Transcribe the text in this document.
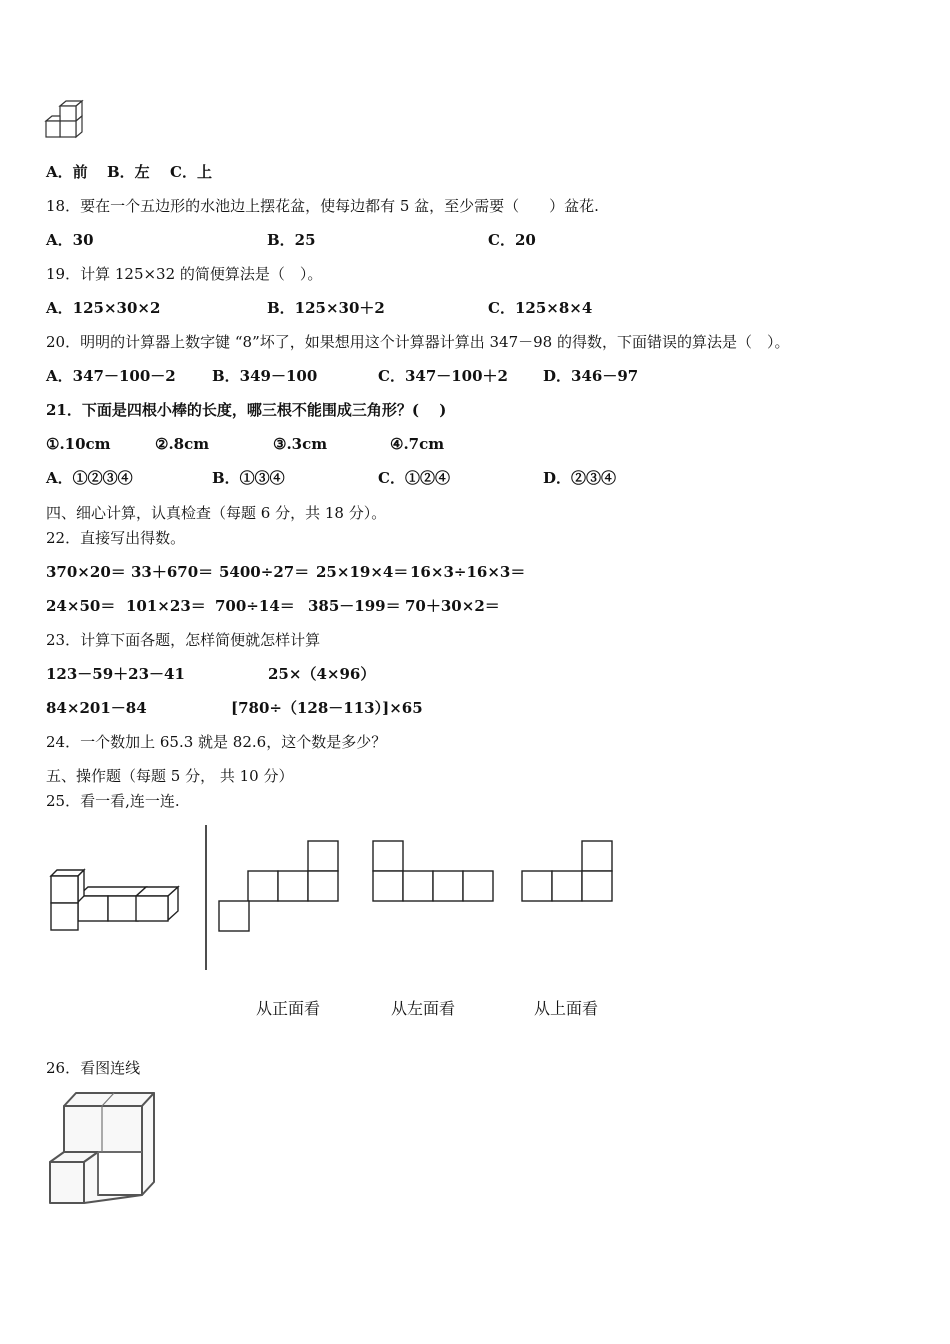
A．前 B．左 C．上
18．要在一个五边形的水池边上摆花盆，使每边都有 5 盆，至少需要（　　）盆花.
A．30	B．25	C．20
19．计算 125×32 的简便算法是（　）。
A．125×30×2	B．125×30＋2	C．125×8×4
20．明明的计算器上数字键 “8”坏了，如果想用这个计算器计算出 347－98 的得数，下面错误的算法是（　）。
A．347－100－2 B．349－100	C．347－100＋2 D．346－97
21．下面是四根小棒的长度，哪三根不能围成三角形？(　 )
①.10cm	②.8cm	③.3cm	④.7cm
A．①②③④	B．①③④	C．①②④	D．②③④
四、细心计算，认真检查（每题 6 分，共 18 分）。
22．直接写出得数。
370×20＝ 33＋670＝ 5400÷27＝ 25×19×4＝ 16×3÷16×3＝
24×50＝ 101×23＝ 700÷14＝ 385－199＝ 70＋30×2＝
23．计算下面各题，怎样简便就怎样计算
123－59＋23－41	25×（4×96）
84×201－84	[780÷（128－113）]×65
24．一个数加上 65.3 就是 82.6，这个数是多少？
五、操作题（每题 5 分， 共 10 分）
25．看一看,连一连.
从正面看	从左面看	从上面看
26．看图连线
